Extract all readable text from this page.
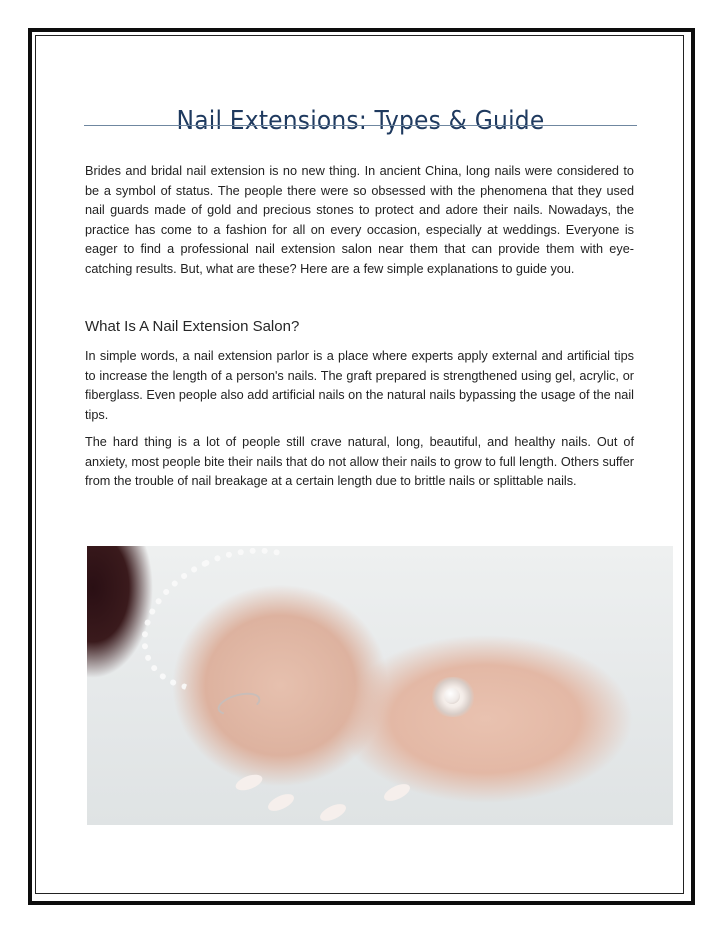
Nail Extensions: Types & Guide

Brides and bridal nail extension is no new thing. In ancient China, long nails were considered to be a symbol of status. The people there were so obsessed with the phenomena that they used nail guards made of gold and precious stones to protect and adore their nails. Nowadays, the practice has come to a fashion for all on every occasion, especially at weddings. Everyone is eager to find a professional nail extension salon near them that can provide them with eye-catching results. But, what are these? Here are a few simple explanations to guide you.

What Is A Nail Extension Salon?

In simple words, a nail extension parlor is a place where experts apply external and artificial tips to increase the length of a person's nails. The graft prepared is strengthened using gel, acrylic, or fiberglass. Even people also add artificial nails on the natural nails bypassing the usage of the nail tips.

The hard thing is a lot of people still crave natural, long, beautiful, and healthy nails. Out of anxiety, most people bite their nails that do not allow their nails to grow to full length. Others suffer from the trouble of nail breakage at a certain length due to brittle nails or splittable nails.
